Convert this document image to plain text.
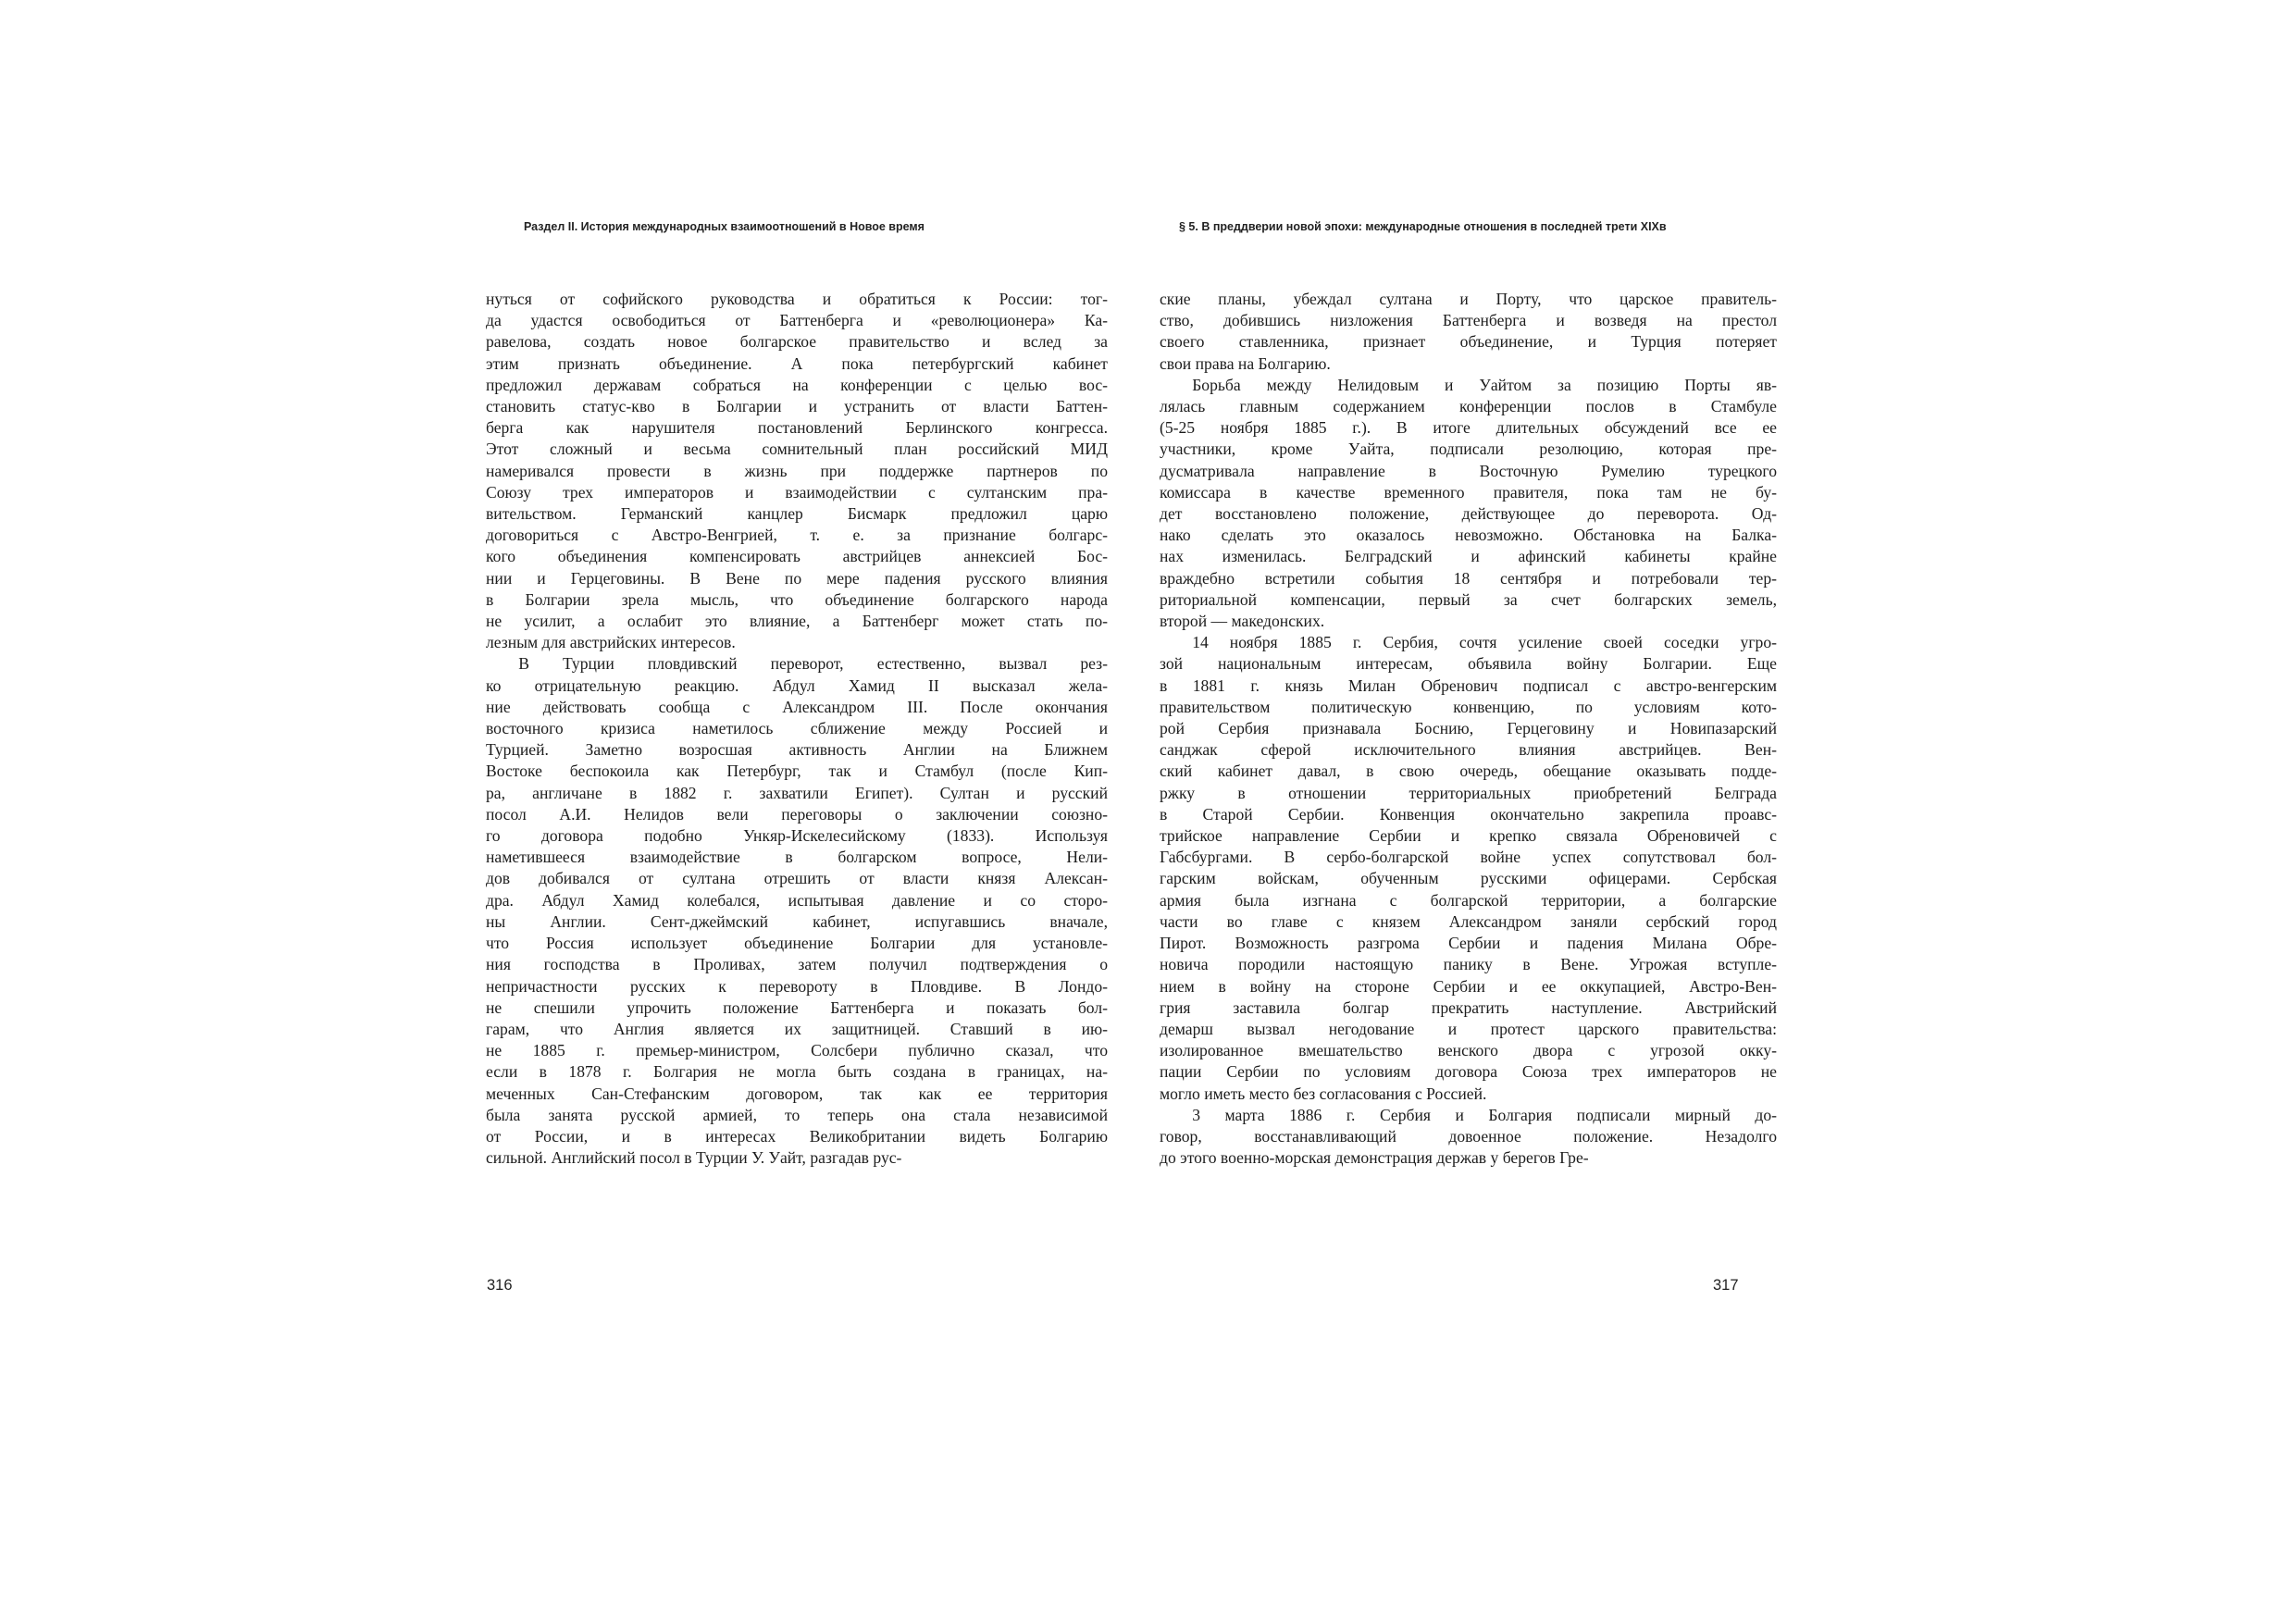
Раздел II. История международных взаимоотношений в Новое время
нуться от софийского руководства и обратиться к России: тог-
да удастся освободиться от Баттенберга и «революционера» Ка-
равелова, создать новое болгарское правительство и вслед за
этим признать объединение. А пока петербургский кабинет
предложил державам собраться на конференции с целью вос-
становить статус-кво в Болгарии и устранить от власти Баттен-
берга как нарушителя постановлений Берлинского конгресса.
Этот сложный и весьма сомнительный план российский МИД
намеривался провести в жизнь при поддержке партнеров по
Союзу трех императоров и взаимодействии с султанским пра-
вительством. Германский канцлер Бисмарк предложил царю
договориться с Австро-Венгрией, т. е. за признание болгарс-
кого объединения компенсировать австрийцев аннексией Бос-
нии и Герцеговины. В Вене по мере падения русского влияния
в Болгарии зрела мысль, что объединение болгарского народа
не усилит, а ослабит это влияние, а Баттенберг может стать по-
лезным для австрийских интересов.
В Турции пловдивский переворот, естественно, вызвал рез-
ко отрицательную реакцию. Абдул Хамид II высказал жела-
ние действовать сообща с Александром III. После окончания
восточного кризиса наметилось сближение между Россией и
Турцией. Заметно возросшая активность Англии на Ближнем
Востоке беспокоила как Петербург, так и Стамбул (после Кип-
ра, англичане в 1882 г. захватили Египет). Султан и русский
посол А.И. Нелидов вели переговоры о заключении союзно-
го договора подобно Ункяр-Искелесийскому (1833). Используя
наметившееся взаимодействие в болгарском вопросе, Нели-
дов добивался от султана отрешить от власти князя Алексан-
дра. Абдул Хамид колебался, испытывая давление и со сторо-
ны Англии. Сент-джеймский кабинет, испугавшись вначале,
что Россия использует объединение Болгарии для установле-
ния господства в Проливах, затем получил подтверждения о
непричастности русских к перевороту в Пловдиве. В Лондо-
не спешили упрочить положение Баттенберга и показать бол-
гарам, что Англия является их защитницей. Ставший в ию-
не 1885 г. премьер-министром, Солсбери публично сказал, что
если в 1878 г. Болгария не могла быть создана в границах, на-
меченных Сан-Стефанским договором, так как ее территория
была занята русской армией, то теперь она стала независимой
от России, и в интересах Великобритании видеть Болгарию
сильной. Английский посол в Турции У. Уайт, разгадав рус-
316
§ 5. В преддверии новой эпохи: международные отношения в последней трети XIXв
ские планы, убеждал султана и Порту, что царское правитель-
ство, добившись низложения Баттенберга и возведя на престол
своего ставленника, признает объединение, и Турция потеряет
свои права на Болгарию.
Борьба между Нелидовым и Уайтом за позицию Порты яв-
лялась главным содержанием конференции послов в Стамбуле
(5-25 ноября 1885 г.). В итоге длительных обсуждений все ее
участники, кроме Уайта, подписали резолюцию, которая пре-
дусматривала направление в Восточную Румелию турецкого
комиссара в качестве временного правителя, пока там не бу-
дет восстановлено положение, действующее до переворота. Од-
нако сделать это оказалось невозможно. Обстановка на Балка-
нах изменилась. Белградский и афинский кабинеты крайне
враждебно встретили события 18 сентября и потребовали тер-
риториальной компенсации, первый за счет болгарских земель,
второй — македонских.
14 ноября 1885 г. Сербия, сочтя усиление своей соседки угро-
зой национальным интересам, объявила войну Болгарии. Еще
в 1881 г. князь Милан Обренович подписал с австро-венгерским
правительством политическую конвенцию, по условиям кото-
рой Сербия признавала Боснию, Герцеговину и Новипазарский
санджак сферой исключительного влияния австрийцев. Вен-
ский кабинет давал, в свою очередь, обещание оказывать подде-
ржку в отношении территориальных приобретений Белграда
в Старой Сербии. Конвенция окончательно закрепила проавс-
трийское направление Сербии и крепко связала Обреновичей с
Габсбургами. В сербо-болгарской войне успех сопутствовал бол-
гарским войскам, обученным русскими офицерами. Сербская
армия была изгнана с болгарской территории, а болгарские
части во главе с князем Александром заняли сербский город
Пирот. Возможность разгрома Сербии и падения Милана Обре-
новича породили настоящую панику в Вене. Угрожая вступле-
нием в войну на стороне Сербии и ее оккупацией, Австро-Вен-
грия заставила болгар прекратить наступление. Австрийский
демарш вызвал негодование и протест царского правительства:
изолированное вмешательство венского двора с угрозой окку-
пации Сербии по условиям договора Союза трех императоров не
могло иметь место без согласования с Россией.
3 марта 1886 г. Сербия и Болгария подписали мирный до-
говор, восстанавливающий довоенное положение. Незадолго
до этого военно-морская демонстрация держав у берегов Гре-
317
